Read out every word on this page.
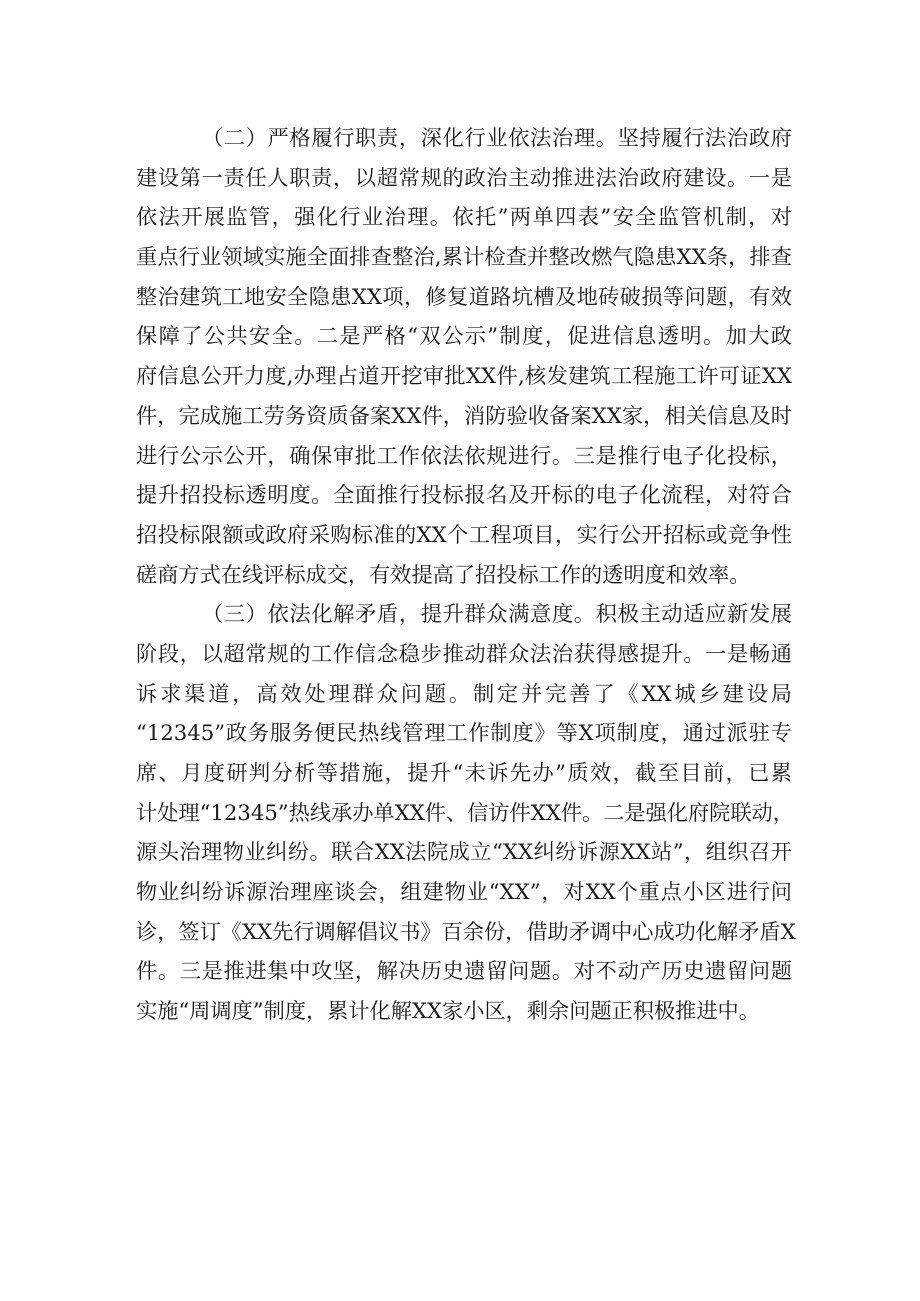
（二）严格履行职责，深化行业依法治理。坚持履行法治政府
建设第一责任人职责，以超常规的政治主动推进法治政府建设。一是
依法开展监管，强化行业治理。依托”两单四表”安全监管机制，对
重点行业领域实施全面排查整治,累计检查并整改燃气隐患XX条，排查
整治建筑工地安全隐患XX项，修复道路坑槽及地砖破损等问题，有效
保障了公共安全。二是严格“双公示”制度，促进信息透明。加大政
府信息公开力度,办理占道开挖审批XX件,核发建筑工程施工许可证XX
件，完成施工劳务资质备案XX件，消防验收备案XX家，相关信息及时
进行公示公开，确保审批工作依法依规进行。三是推行电子化投标，
提升招投标透明度。全面推行投标报名及开标的电子化流程，对符合
招投标限额或政府采购标准的XX个工程项目，实行公开招标或竞争性
磋商方式在线评标成交，有效提高了招投标工作的透明度和效率。
（三）依法化解矛盾，提升群众满意度。积极主动适应新发展
阶段，以超常规的工作信念稳步推动群众法治获得感提升。一是畅通
诉求渠道，高效处理群众问题。制定并完善了《XX城乡建设局
“12345”政务服务便民热线管理工作制度》等X项制度，通过派驻专
席、月度研判分析等措施，提升“未诉先办”质效，截至目前，已累
计处理“12345”热线承办单XX件、信访件XX件。二是强化府院联动，
源头治理物业纠纷。联合XX法院成立“XX纠纷诉源XX站”，组织召开
物业纠纷诉源治理座谈会，组建物业“XX”，对XX个重点小区进行问
诊，签订《XX先行调解倡议书》百余份，借助矛调中心成功化解矛盾X
件。三是推进集中攻坚，解决历史遗留问题。对不动产历史遗留问题
实施“周调度”制度，累计化解XX家小区，剩余问题正积极推进中。
